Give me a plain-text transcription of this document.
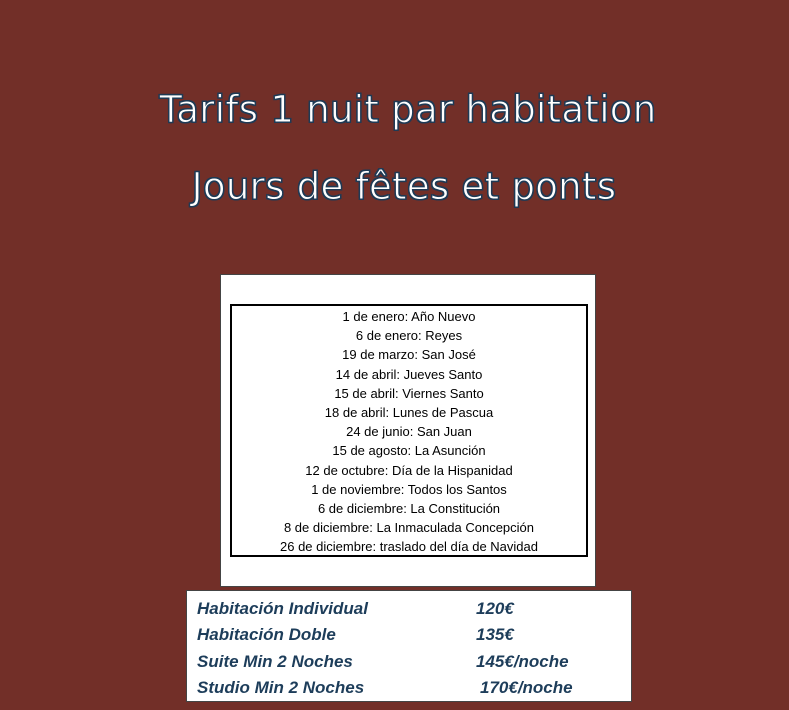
Tarifs 1 nuit par habitation
Jours de fêtes et ponts
1 de enero: Año Nuevo
6 de enero: Reyes
19 de marzo: San José
14 de abril: Jueves Santo
15 de abril: Viernes Santo
18 de abril: Lunes de Pascua
24 de junio: San Juan
15 de agosto: La Asunción
12 de octubre: Día de la Hispanidad
1 de noviembre: Todos los Santos
6 de diciembre: La Constitución
8 de diciembre: La Inmaculada Concepción
26 de diciembre: traslado del día de Navidad
Habitación Individual	120€
Habitación Doble	135€
Suite Min 2 Noches	145€/noche
Studio Min 2 Noches	170€/noche
